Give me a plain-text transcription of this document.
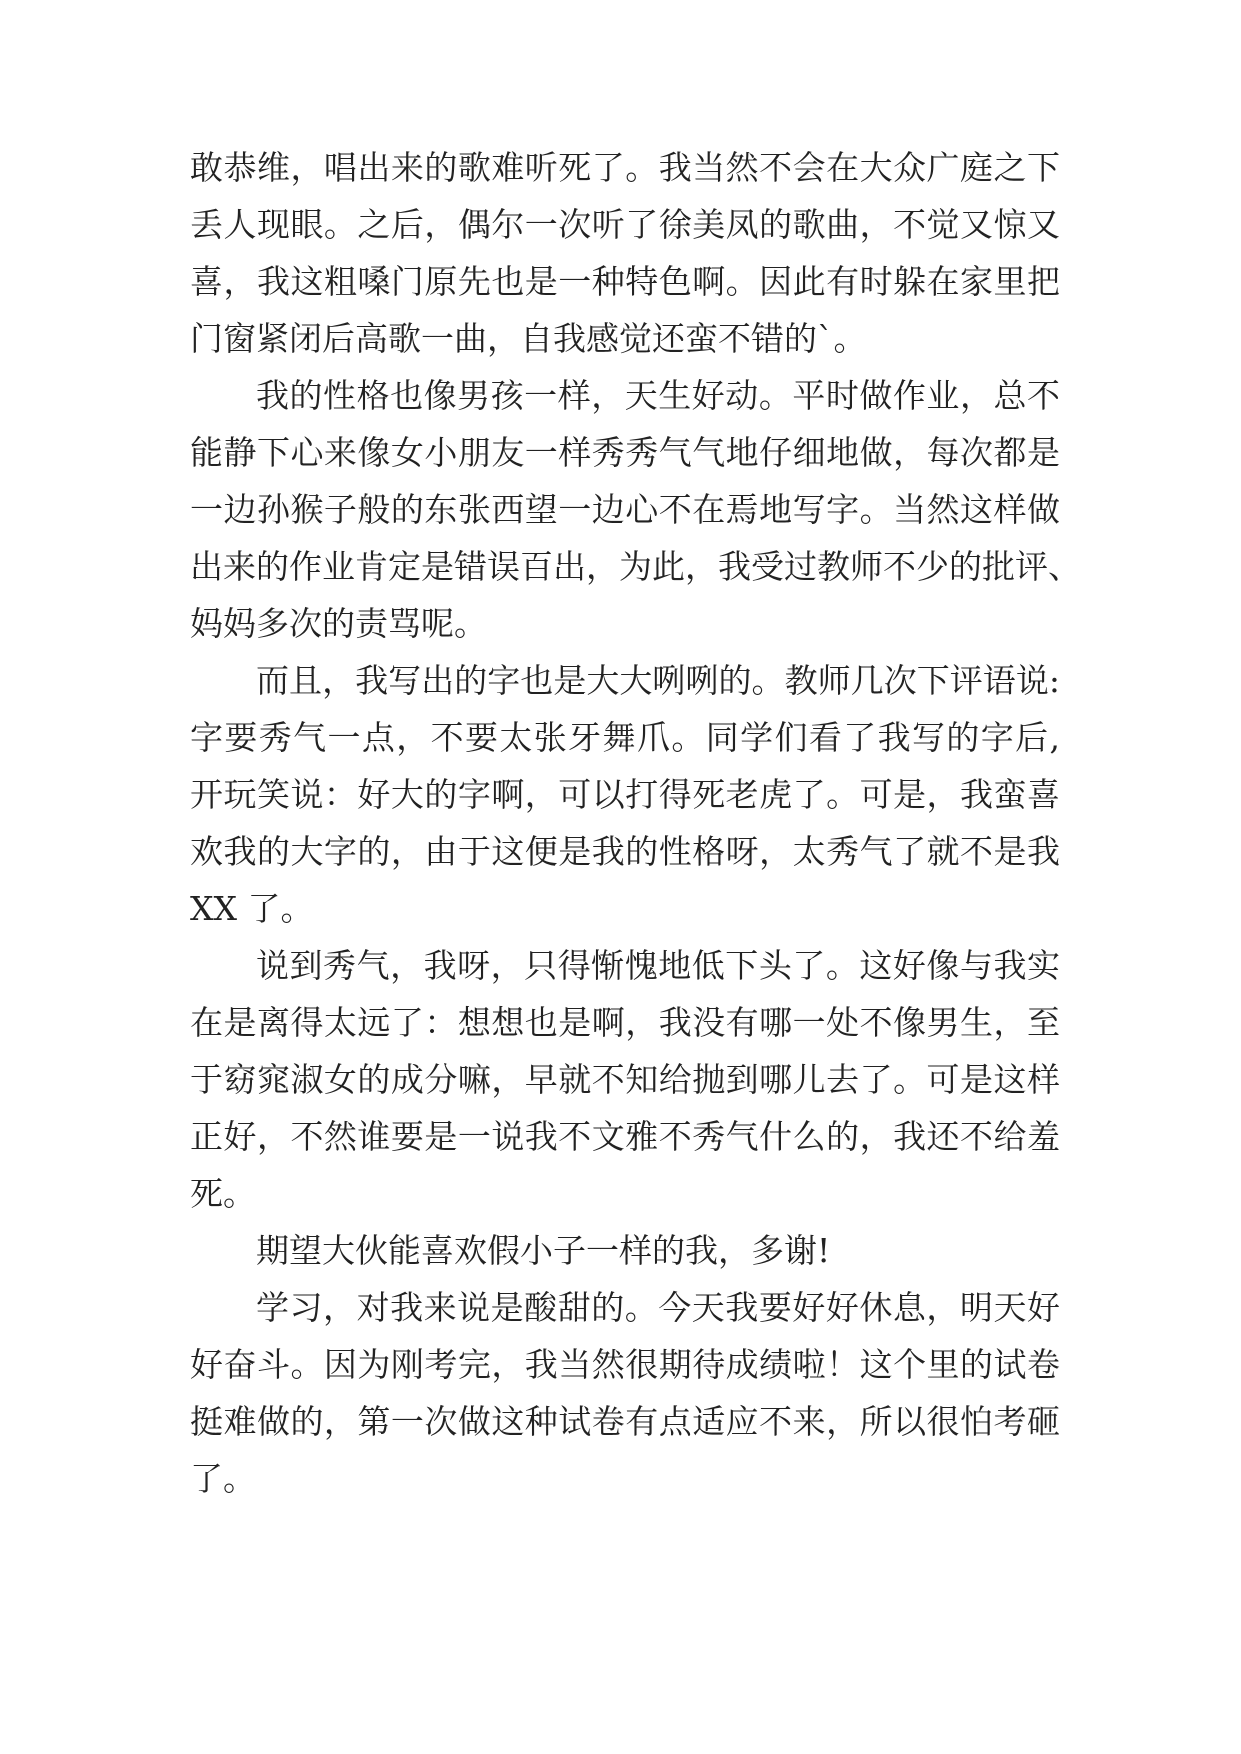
敢恭维，唱出来的歌难听死了。我当然不会在大众广庭之下
丢人现眼。之后，偶尔一次听了徐美凤的歌曲，不觉又惊又
喜，我这粗嗓门原先也是一种特色啊。因此有时躲在家里把
门窗紧闭后高歌一曲，自我感觉还蛮不错的`。
我的性格也像男孩一样，天生好动。平时做作业，总不
能静下心来像女小朋友一样秀秀气气地仔细地做，每次都是
一边孙猴子般的东张西望一边心不在焉地写字。当然这样做
出来的作业肯定是错误百出，为此，我受过教师不少的批评、
妈妈多次的责骂呢。
而且，我写出的字也是大大咧咧的。教师几次下评语说:
字要秀气一点，不要太张牙舞爪。同学们看了我写的字后,
开玩笑说：好大的字啊，可以打得死老虎了。可是，我蛮喜
欢我的大字的，由于这便是我的性格呀，太秀气了就不是我
XX 了。
说到秀气，我呀，只得惭愧地低下头了。这好像与我实
在是离得太远了：想想也是啊，我没有哪一处不像男生，至
于窈窕淑女的成分嘛，早就不知给抛到哪儿去了。可是这样
正好，不然谁要是一说我不文雅不秀气什么的，我还不给羞
死。
期望大伙能喜欢假小子一样的我，多谢!
学习，对我来说是酸甜的。今天我要好好休息，明天好
好奋斗。因为刚考完，我当然很期待成绩啦！这个里的试卷
挺难做的，第一次做这种试卷有点适应不来，所以很怕考砸
了。
